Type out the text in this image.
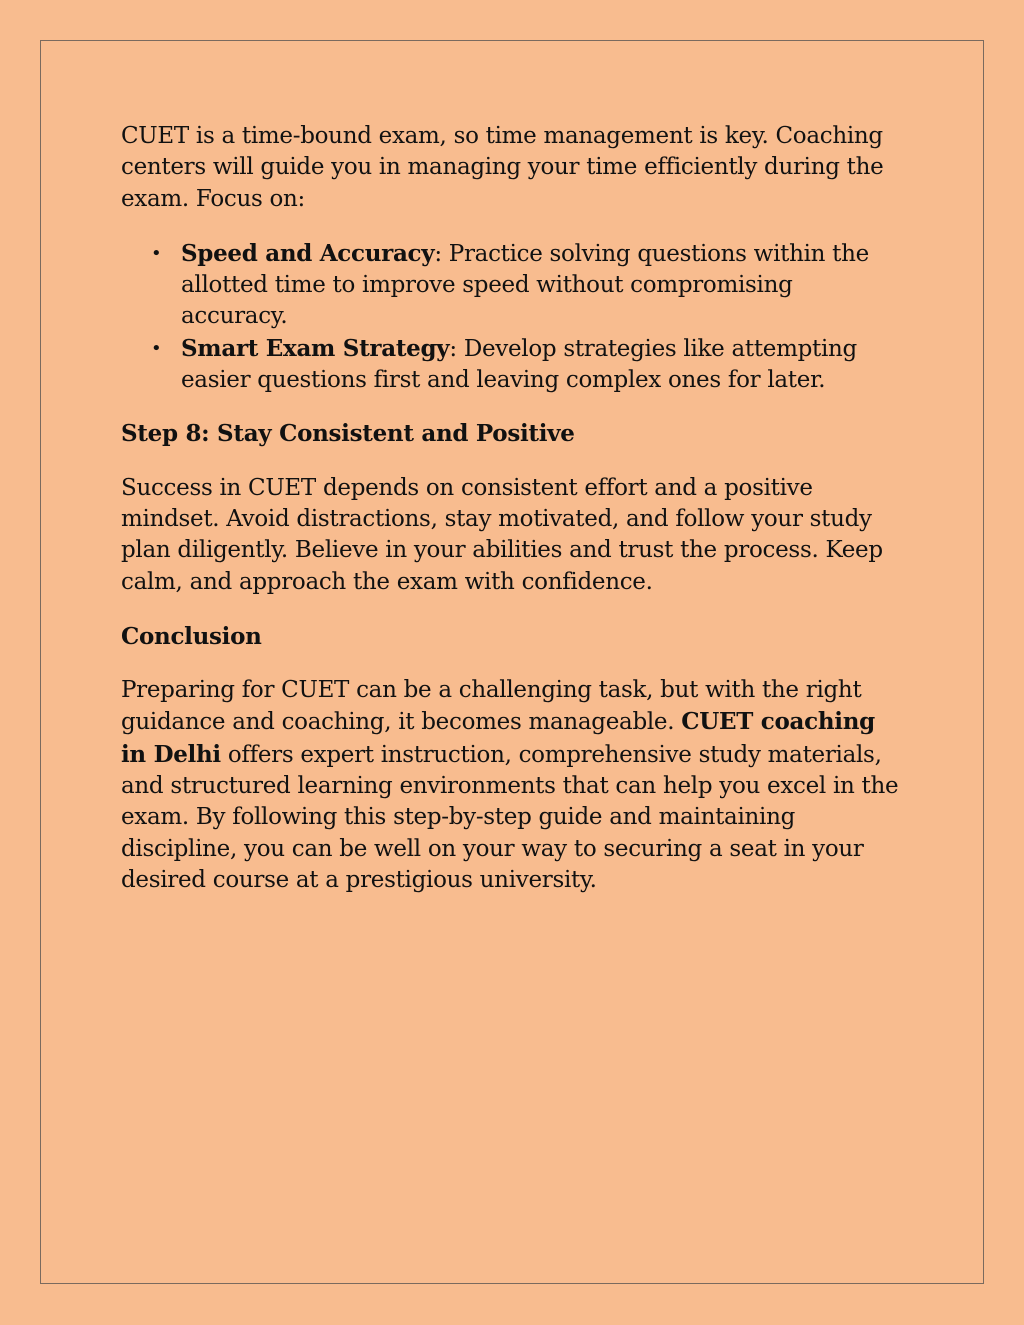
CUET is a time-bound exam, so time management is key. Coaching centers will guide you in managing your time efficiently during the exam. Focus on:

• Speed and Accuracy: Practice solving questions within the allotted time to improve speed without compromising accuracy.
• Smart Exam Strategy: Develop strategies like attempting easier questions first and leaving complex ones for later.

Step 8: Stay Consistent and Positive

Success in CUET depends on consistent effort and a positive mindset. Avoid distractions, stay motivated, and follow your study plan diligently. Believe in your abilities and trust the process. Keep calm, and approach the exam with confidence.

Conclusion

Preparing for CUET can be a challenging task, but with the right guidance and coaching, it becomes manageable. CUET coaching in Delhi offers expert instruction, comprehensive study materials, and structured learning environments that can help you excel in the exam. By following this step-by-step guide and maintaining discipline, you can be well on your way to securing a seat in your desired course at a prestigious university.
